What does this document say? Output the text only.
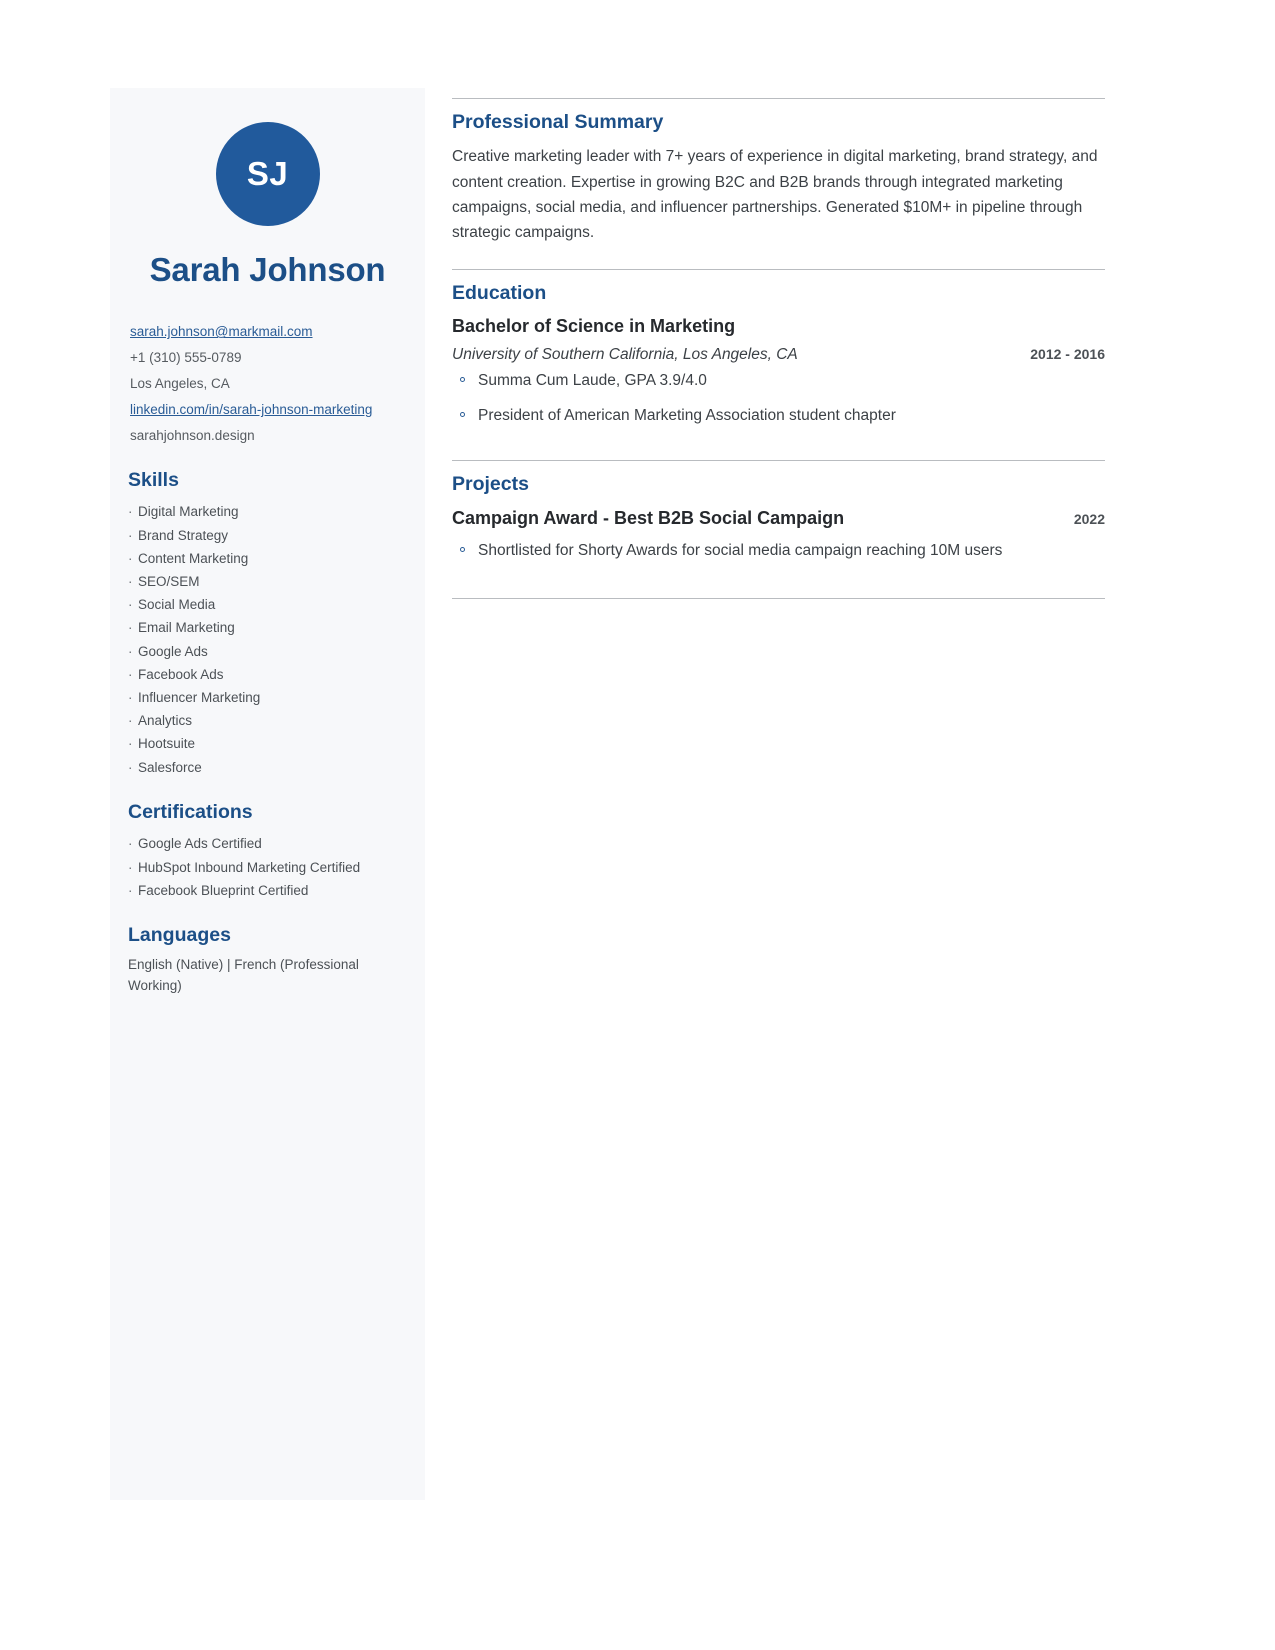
SJ
Sarah Johnson
sarah.johnson@markmail.com
+1 (310) 555-0789
Los Angeles, CA
linkedin.com/in/sarah-johnson-marketing
sarahjohnson.design
Skills
· Digital Marketing
· Brand Strategy
· Content Marketing
· SEO/SEM
· Social Media
· Email Marketing
· Google Ads
· Facebook Ads
· Influencer Marketing
· Analytics
· Hootsuite
· Salesforce
Certifications
· Google Ads Certified
· HubSpot Inbound Marketing Certified
· Facebook Blueprint Certified
Languages
English (Native) | French (Professional Working)
Professional Summary

Creative marketing leader with 7+ years of experience in digital marketing, brand strategy, and content creation. Expertise in growing B2C and B2B brands through integrated marketing campaigns, social media, and influencer partnerships. Generated $10M+ in pipeline through strategic campaigns.

Education
Bachelor of Science in Marketing
University of Southern California, Los Angeles, CA	2012 - 2016
Summa Cum Laude, GPA 3.9/4.0
President of American Marketing Association student chapter
Projects
Campaign Award - Best B2B Social Campaign	2022
Shortlisted for Shorty Awards for social media campaign reaching 10M users
